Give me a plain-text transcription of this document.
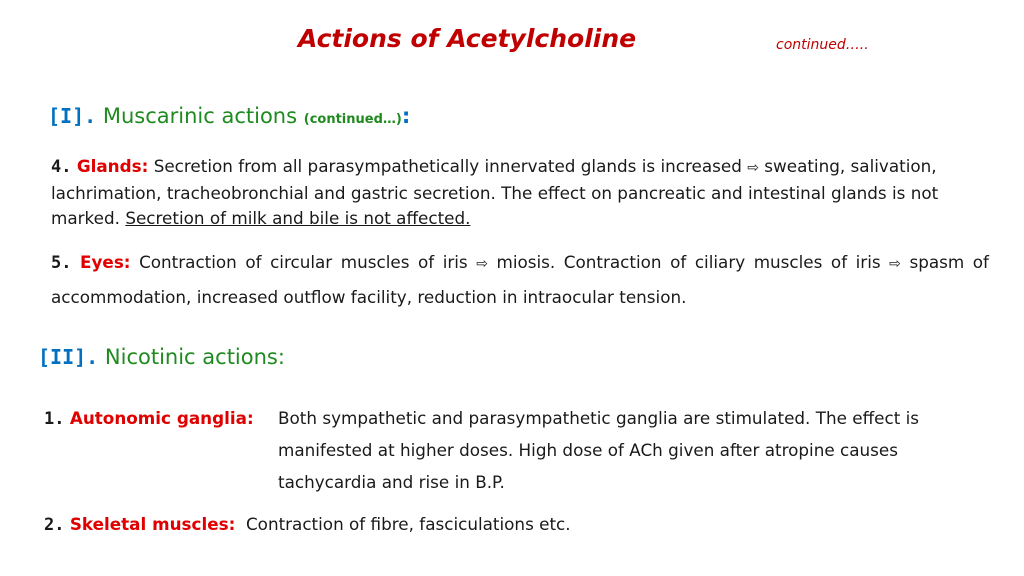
Actions of Acetylcholine	continued…..
[I]. Muscarinic actions (continued…):
4. Glands: Secretion from all parasympathetically innervated glands is increased ⇨ sweating, salivation, lachrimation, tracheobronchial and gastric secretion. The effect on pancreatic and intestinal glands is not marked. Secretion of milk and bile is not affected.
5. Eyes: Contraction of circular muscles of iris ⇨ miosis. Contraction of ciliary muscles of iris ⇨ spasm of accommodation, increased outflow facility, reduction in intraocular tension.
[II]. Nicotinic actions:
1. Autonomic ganglia:	Both sympathetic and parasympathetic ganglia are stimulated. The effect is manifested at higher doses. High dose of ACh given after atropine causes tachycardia and rise in B.P.
2. Skeletal muscles: Contraction of fibre, fasciculations etc.
